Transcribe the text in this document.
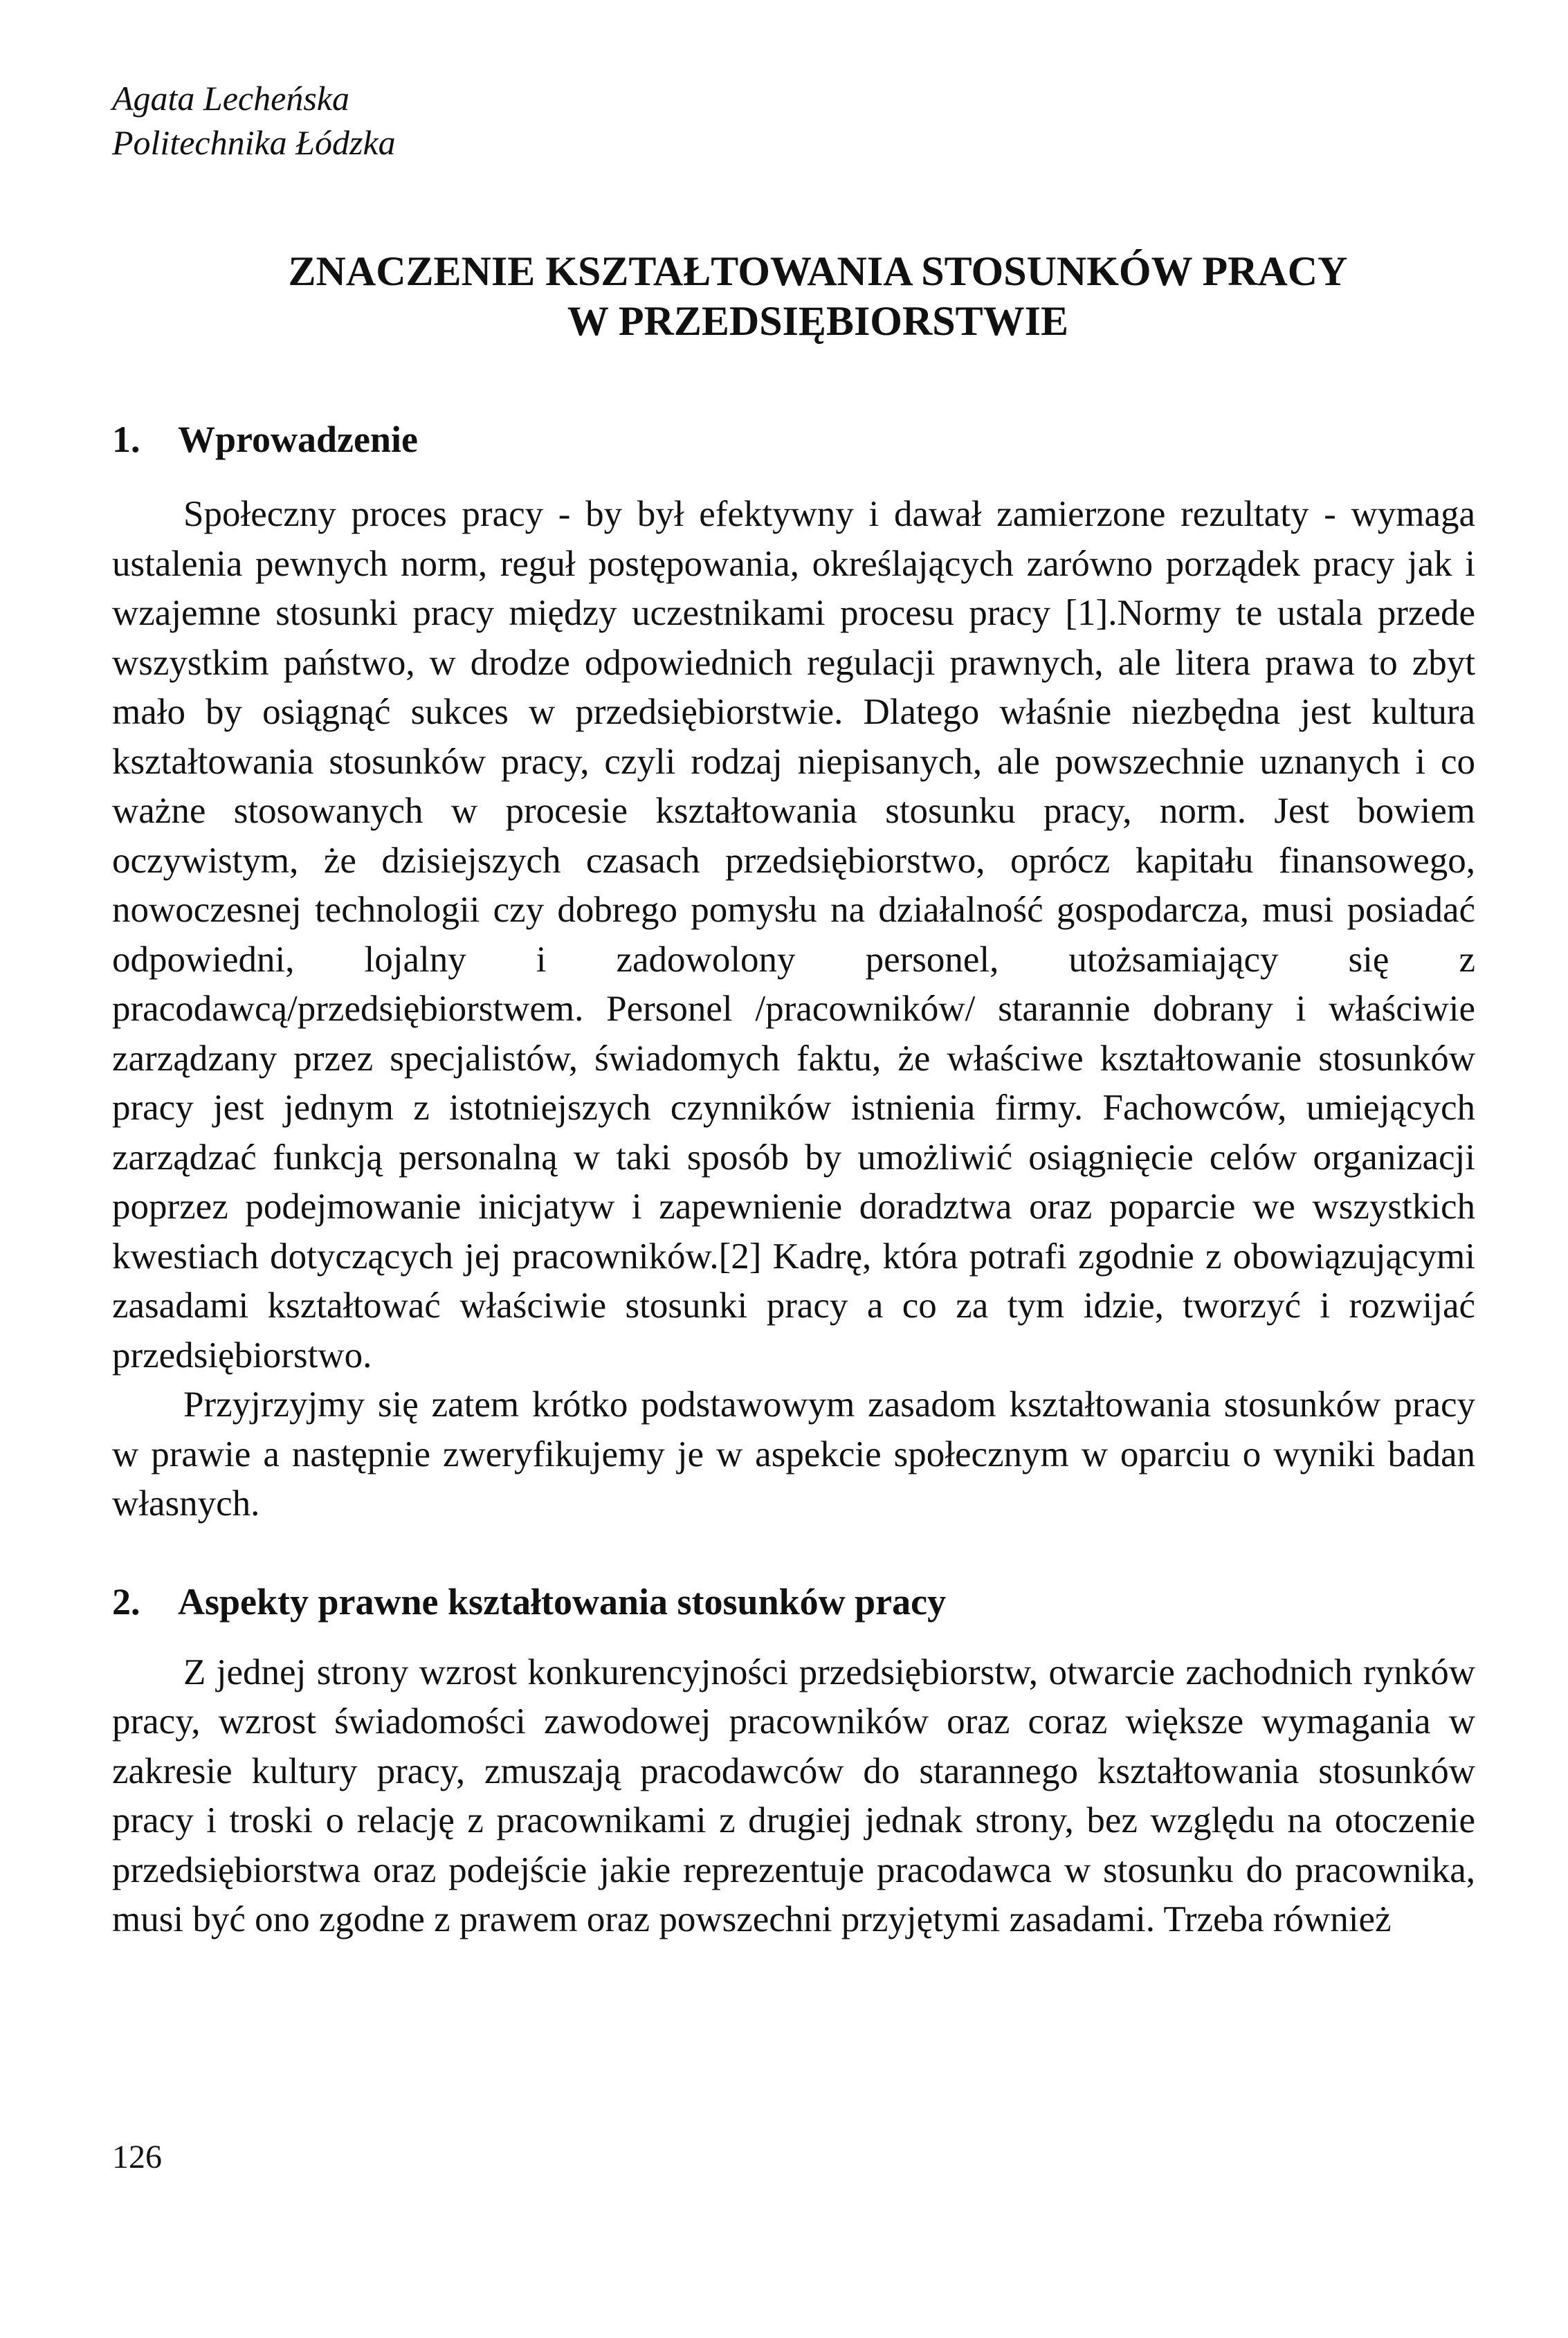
Agata Lecheńska
Politechnika Łódzka
ZNACZENIE KSZTAŁTOWANIA STOSUNKÓW PRACY
W PRZEDSIĘBIORSTWIE
1.	Wprowadzenie

Społeczny proces pracy - by był efektywny i dawał zamierzone rezultaty - wymaga ustalenia pewnych norm, reguł postępowania, określających zarówno porządek pracy jak i wzajemne stosunki pracy między uczestnikami procesu pracy [1].Normy te ustala przede wszystkim państwo, w drodze odpowiednich regulacji prawnych, ale litera prawa to zbyt mało by osiągnąć sukces w przedsiębiorstwie. Dlatego właśnie niezbędna jest kultura kształtowania stosunków pracy, czyli rodzaj niepisanych, ale powszechnie uznanych i co ważne stosowanych w procesie kształtowania stosunku pracy, norm. Jest bowiem oczywistym, że dzisiejszych czasach przedsiębiorstwo, oprócz kapitału finansowego, nowoczesnej technologii czy dobrego pomysłu na działalność gospodarcza, musi posiadać odpowiedni, lojalny i zadowolony personel, utożsamiający się z pracodawcą/przedsiębiorstwem. Personel /pracowników/ starannie dobrany i właściwie zarządzany przez specjalistów, świadomych faktu, że właściwe kształtowanie stosunków pracy jest jednym z istotniejszych czynników istnienia firmy. Fachowców, umiejących zarządzać funkcją personalną w taki sposób by umożliwić osiągnięcie celów organizacji poprzez podejmowanie inicjatyw i zapewnienie doradztwa oraz poparcie we wszystkich kwestiach dotyczących jej pracowników.[2] Kadrę, która potrafi zgodnie z obowiązującymi zasadami kształtować właściwie stosunki pracy a co za tym idzie, tworzyć i rozwijać przedsiębiorstwo.

Przyjrzyjmy się zatem krótko podstawowym zasadom kształtowania stosunków pracy w prawie a następnie zweryfikujemy je w aspekcie społecznym w oparciu o wyniki badan własnych.

2.	Aspekty prawne kształtowania stosunków pracy

Z jednej strony wzrost konkurencyjności przedsiębiorstw, otwarcie zachodnich rynków pracy, wzrost świadomości zawodowej pracowników oraz coraz większe wymagania w zakresie kultury pracy, zmuszają pracodawców do starannego kształtowania stosunków pracy i troski o relację z pracownikami z drugiej jednak strony, bez względu na otoczenie przedsiębiorstwa oraz podejście jakie reprezentuje pracodawca w stosunku do pracownika, musi być ono zgodne z prawem oraz powszechni przyjętymi zasadami. Trzeba również

126
